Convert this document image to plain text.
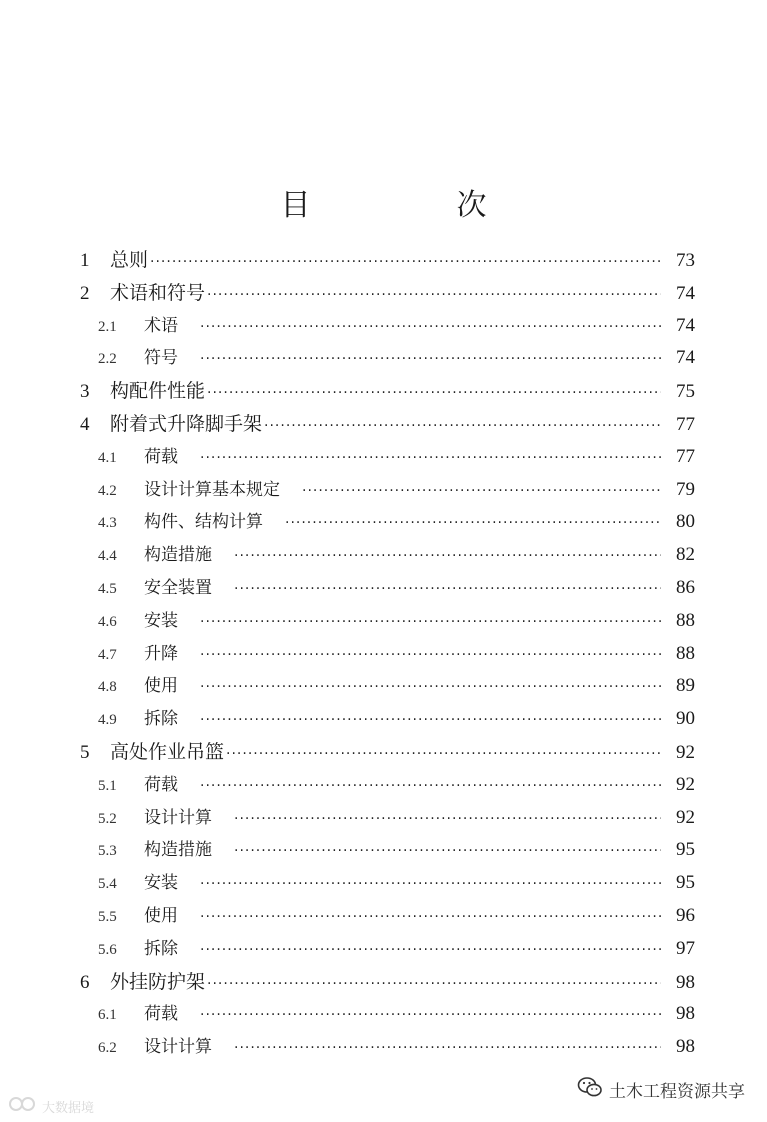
目　次
1	总则 ·····	73
2	术语和符号 ·····	74
2.1	术语 ·····	74
2.2	符号 ·····	74
3	构配件性能 ·····	75
4	附着式升降脚手架 ·····	77
4.1	荷载 ·····	77
4.2	设计计算基本规定 ·····	79
4.3	构件、结构计算 ·····	80
4.4	构造措施 ·····	82
4.5	安全装置 ·····	86
4.6	安装 ·····	88
4.7	升降 ·····	88
4.8	使用 ·····	89
4.9	拆除 ·····	90
5	高处作业吊篮 ·····	92
5.1	荷载 ·····	92
5.2	设计计算 ·····	92
5.3	构造措施 ·····	95
5.4	安装 ·····	95
5.5	使用 ·····	96
5.6	拆除 ·····	97
6	外挂防护架 ·····	98
6.1	荷载 ·····	98
6.2	设计计算 ·····	98
大数据境
土木工程资源共享
